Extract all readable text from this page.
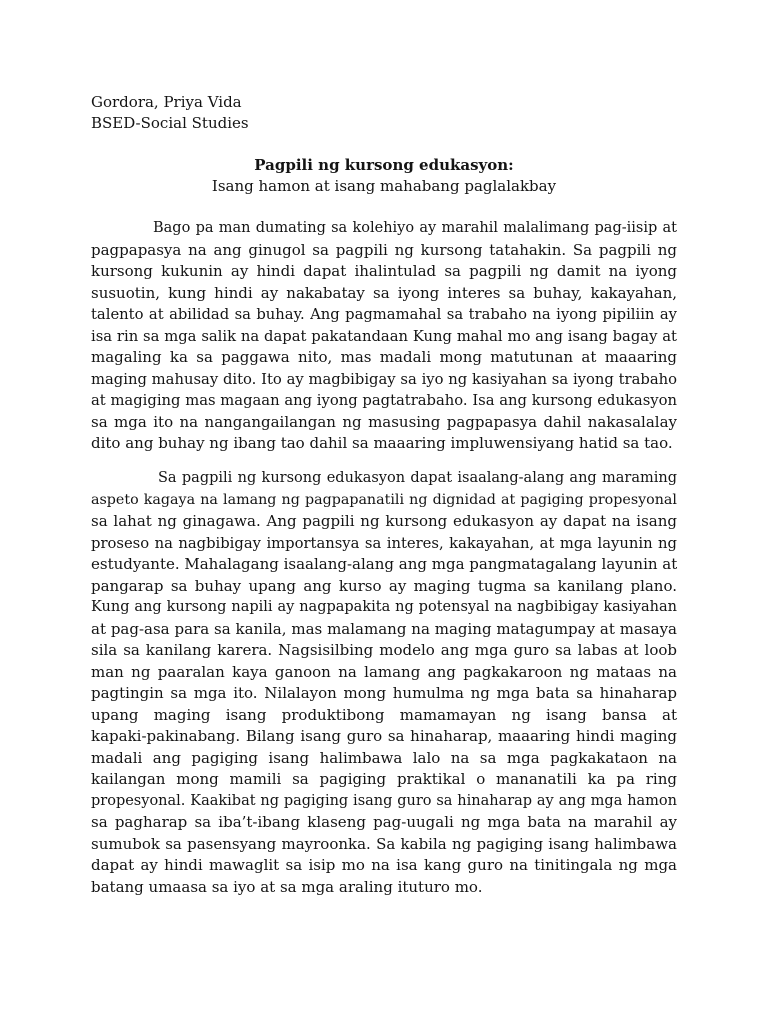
Gordora, Priya Vida
BSED-Social Studies
Pagpili ng kursong edukasyon:
Isang hamon at isang mahabang paglalakbay
Bago pa man dumating sa kolehiyo ay marahil malalimang pag-iisip at
pagpapasya na ang ginugol sa pagpili ng kursong tatahakin. Sa pagpili ng
kursong kukunin ay hindi dapat ihalintulad sa pagpili ng damit na iyong
susuotin, kung hindi ay nakabatay sa iyong interes sa buhay, kakayahan,
talento at abilidad sa buhay. Ang pagmamahal sa trabaho na iyong pipiliin ay
isa rin sa mga salik na dapat pakatandaan Kung mahal mo ang isang bagay at
magaling ka sa paggawa nito, mas madali mong matutunan at maaaring
maging mahusay dito. Ito ay magbibigay sa iyo ng kasiyahan sa iyong trabaho
at magiging mas magaan ang iyong pagtatrabaho. Isa ang kursong edukasyon
sa mga ito na nangangailangan ng masusing pagpapasya dahil nakasalalay
dito ang buhay ng ibang tao dahil sa maaaring impluwensiyang hatid sa tao.
Sa pagpili ng kursong edukasyon dapat isaalang-alang ang maraming
aspeto kagaya na lamang ng pagpapanatili ng dignidad at pagiging propesyonal
sa lahat ng ginagawa. Ang pagpili ng kursong edukasyon ay dapat na isang
proseso na nagbibigay importansya sa interes, kakayahan, at mga layunin ng
estudyante. Mahalagang isaalang-alang ang mga pangmatagalang layunin at
pangarap sa buhay upang ang kurso ay maging tugma sa kanilang plano.
Kung ang kursong napili ay nagpapakita ng potensyal na nagbibigay kasiyahan
at pag-asa para sa kanila, mas malamang na maging matagumpay at masaya
sila sa kanilang karera. Nagsisilbing modelo ang mga guro sa labas at loob
man ng paaralan kaya ganoon na lamang ang pagkakaroon ng mataas na
pagtingin sa mga ito. Nilalayon mong humulma ng mga bata sa hinaharap
upang maging isang produktibong mamamayan ng isang bansa at
kapaki-pakinabang. Bilang isang guro sa hinaharap, maaaring hindi maging
madali ang pagiging isang halimbawa lalo na sa mga pagkakataon na
kailangan mong mamili sa pagiging praktikal o mananatili ka pa ring
propesyonal. Kaakibat ng pagiging isang guro sa hinaharap ay ang mga hamon
sa pagharap sa iba’t-ibang klaseng pag-uugali ng mga bata na marahil ay
sumubok sa pasensyang mayroonka. Sa kabila ng pagiging isang halimbawa
dapat ay hindi mawaglit sa isip mo na isa kang guro na tinitingala ng mga
batang umaasa sa iyo at sa mga araling ituturo mo.
